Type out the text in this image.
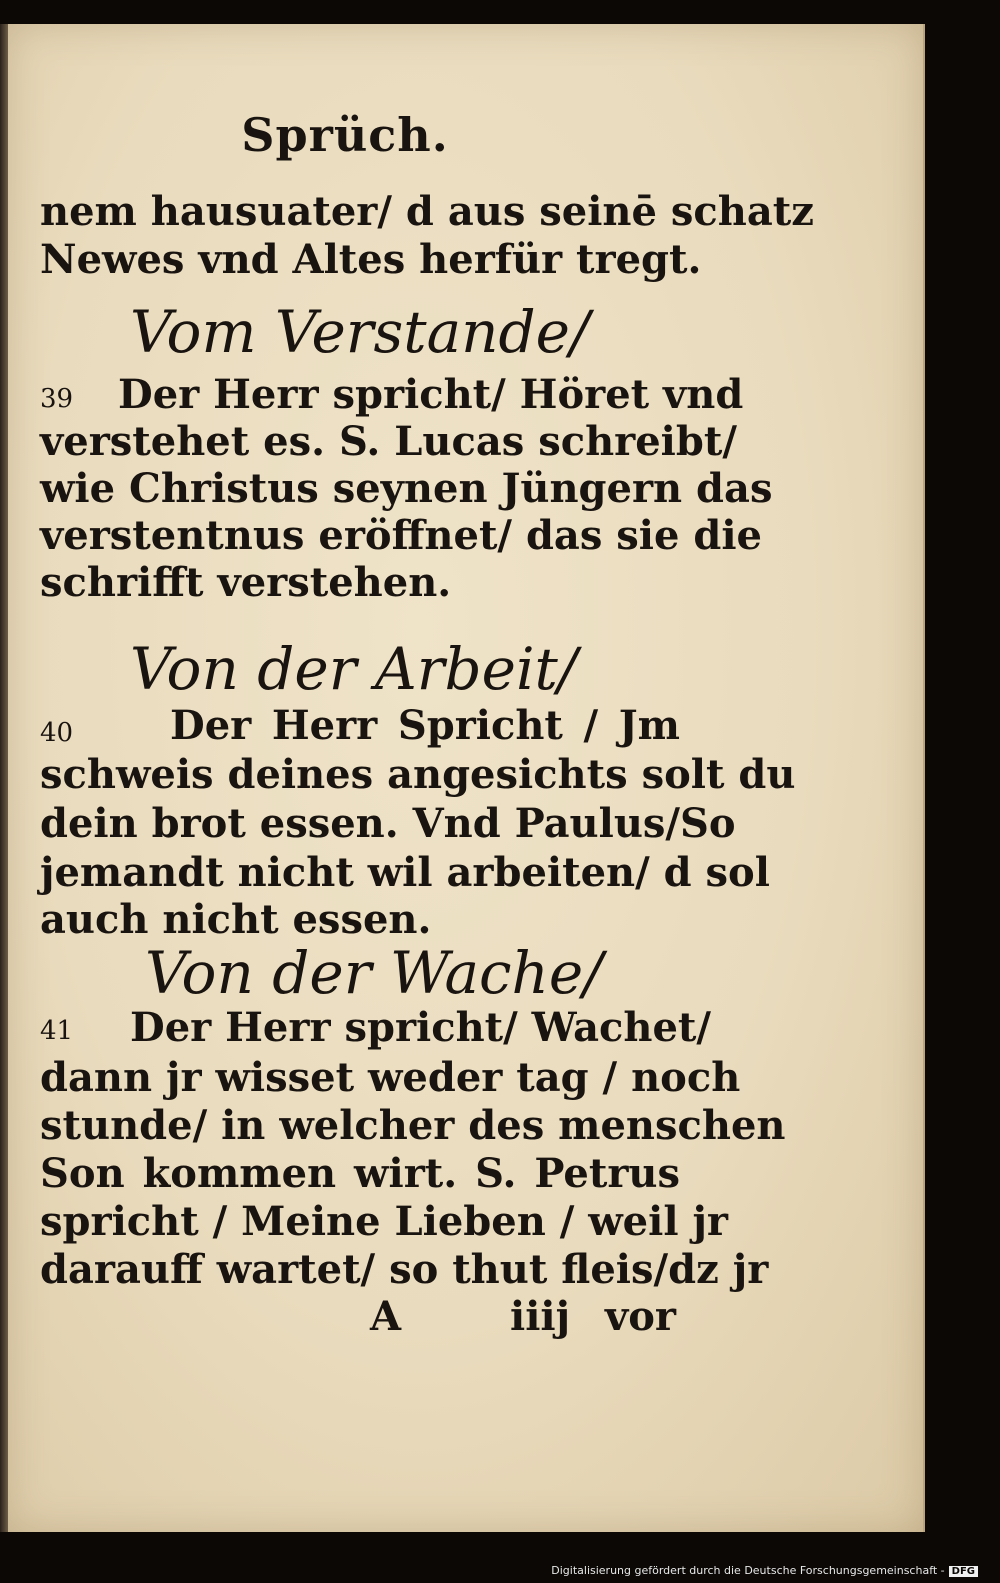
Sprüch.
nem hausuater/ d aus seinē schatz
Newes vnd Altes herfür tregt.
Vom Verstande/
39 Der Herr spricht/ Höret vnd
verstehet es. S. Lucas schreibt/
wie Christus seynen Jüngern das
verstentnus eröffnet/ das sie die
schrifft verstehen.
Von der Arbeit/
40 Der Herr Spricht / Jm
schweis deines angesichts solt du
dein brot essen. Vnd Paulus/So
jemandt nicht wil arbeiten/ d sol
auch nicht essen.
Von der Wache/
41 Der Herr spricht/ Wachet/
dann jr wisset weder tag / noch
stunde/ in welcher des menschen
Son kommen wirt. S. Petrus
spricht / Meine Lieben / weil jr
darauff wartet/ so thut fleis/dz jr
A	iiij vor
Digitalisierung gefördert durch die Deutsche Forschungsgemeinschaft - DFG
